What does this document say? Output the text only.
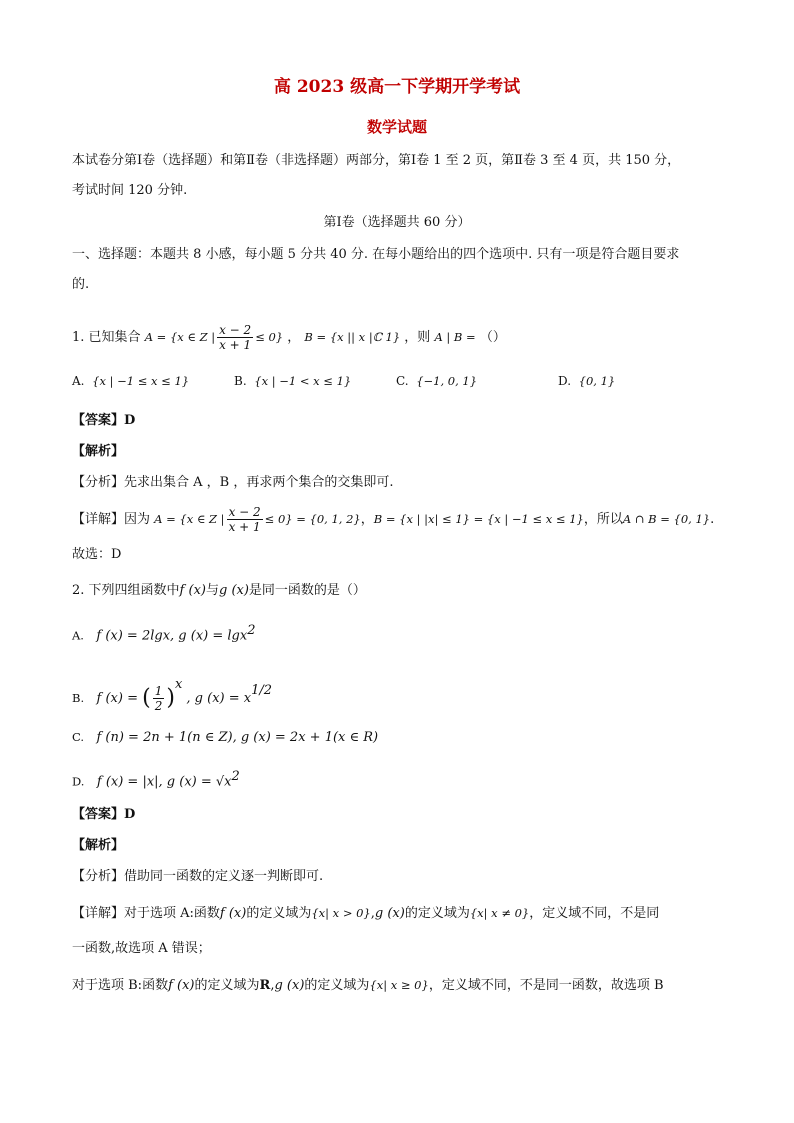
高 2023 级高一下学期开学考试
数学试题
本试卷分第Ⅰ卷（选择题）和第Ⅱ卷（非选择题）两部分，第Ⅰ卷 1 至 2 页，第Ⅱ卷 3 至 4 页，共 150 分，
考试时间 120 分钟.
第Ⅰ卷（选择题共 60 分）
一、选择题：本题共 8 小感，每小题 5 分共 40 分. 在每小题给出的四个选项中. 只有一项是符合题目要求
的.
1. 已知集合 A = {x ∈ Z | $\frac{x - 2}{x + 1} \le 0$} ， B = {x || x |ℂ 1} ，则 A | B = （）
A. {x | −1 ≤ x ≤ 1}	B. {x | −1 < x ≤ 1}	C. {−1, 0, 1}	D. {0, 1}
【答案】D
【解析】
【分析】先求出集合 A ，B ，再求两个集合的交集即可.
【详解】因为 A = {x ∈ Z | $\frac{x - 2}{x + 1} \le 0\} = \{0$, 1, 2}，B = {x | |x| ≤ 1} = {x | −1 ≤ x ≤ 1}，所以A ∩ B = {0, 1}.
故选：D
2. 下列四组函数中f (x)与g (x)是同一函数的是（）
A. f (x) = 2lgx, g (x) = lgx$^2$
B. f (x) = ( $\frac{1}{2} )^x$ , g $(x) = x^{1/2}$
C. f (n) = 2n + 1(n ∈ Z), g (x) = 2x + 1(x ∈ R)
D. f (x) = |x|, g $(x) = √x^2$
【答案】D
【解析】
【分析】借助同一函数的定义逐一判断即可.
【详解】对于选项 A:函数f (x)的定义域为{x| x > 0},g (x)的定义域为{x| x ≠ 0}，定义域不同，不是同
一函数,故选项 A 错误；
对于选项 B:函数f (x)的定义域为R,g (x)的定义域为{x| x ≥ 0}，定义域不同，不是同一函数，故选项 B
